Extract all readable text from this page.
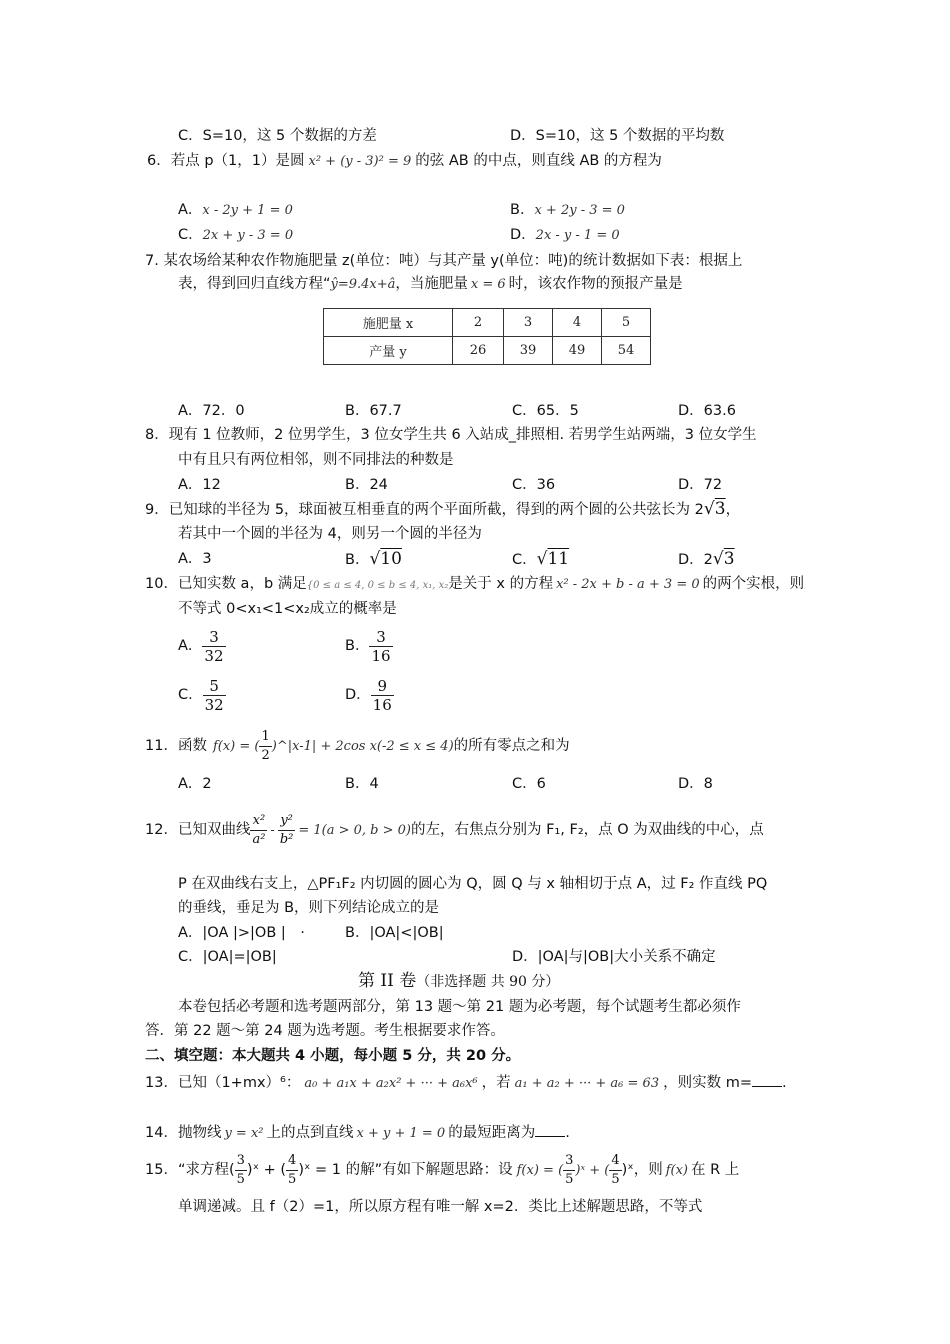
C．S=10，这 5 个数据的方差	D．S=10，这 5 个数据的平均数
6．若点 p（1，1）是圆 x² + (y - 3)² = 9 的弦 AB 的中点，则直线 AB 的方程为
A．x - 2y + 1 = 0	B．x + 2y - 3 = 0
C．2x + y - 3 = 0	D．2x - y - 1 = 0
7. 某农场给某种农作物施肥量 z(单位：吨）与其产量 y(单位：吨)的统计数据如下表：根据上
表，得到回归直线方程“ŷ=9.4x+â，当施肥量 x = 6 时，该农作物的预报产量是
施肥量 x	2	3	4	5
产量 y	26	39	49	54
A．72．0	B．67.7	C．65．5	D．63.6
8．现有 1 位教师，2 位男学生，3 位女学生共 6 入站成_排照相. 若男学生站两端，3 位女学生
中有且只有两位相邻，则不同排法的种数是
A．12	B．24	C．36	D．72
9．已知球的半径为 5，球面被互相垂直的两个平面所截，得到的两个圆的公共弦长为 2√3，
若其中一个圆的半径为 4，则另一个圆的半径为
A．3	B．√10	C．√11	D．2√3
10．已知实数 a，b 满足{0 ≤ a ≤ 4, 0 ≤ b ≤ 4, x₁, x₂是关于 x 的方程 x² - 2x + b - a + 3 = 0 的两个实根，则
不等式 0<x₁<1<x₂成立的概率是
A． $\frac{3}{32}$	B． $\frac{3}{16}$
C． $\frac{5}{32}$	D． $\frac{9}{16}$
11．函数 f(x) = ( $\frac{1}{2}$ )^|x-1| + 2cos x(-2 ≤ x ≤ 4)的所有零点之和为
A．2	B．4	C．6	D．8
12．已知双曲线 $\frac{\text{x²}}{\text{a²}} - \frac{\text{y²}}{\text{b²}} = 1(a > 0$, b > 0)的左，右焦点分别为 F₁, F₂，点 O 为双曲线的中心，点
P 在双曲线右支上，△PF₁F₂ 内切圆的圆心为 Q，圆 Q 与 x 轴相切于点 A，过 F₂ 作直线 PQ
的垂线，垂足为 B，则下列结论成立的是
A．|OA |>|OB |　·	B．|OA|<|OB|
C．|OA|=|OB|	D．|OA|与|OB|大小关系不确定
第 II 卷（非选择题 共 90 分）
本卷包括必考题和选考题两部分，第 13 题～第 21 题为必考题，每个试题考生都必须作
答．第 22 题～第 24 题为选考题。考生根据要求作答。
二、填空题：本大题共 4 小题，每小题 5 分，共 20 分。
13．已知（1+mx）⁶： a₀ + a₁x + a₂x² + ··· + a₆x⁶ ，若 a₁ + a₂ + ··· + a₆ = 63 ，则实数 m= .
14．抛物线 y = x² 上的点到直线 x + y + 1 = 0 的最短距离为 .
15．“求方程( $\frac{3}{5}$ )ˣ + ( $\frac{4}{5}$ )ˣ = 1 的解”有如下解题思路：设 f(x) = ( $\frac{3}{5}$ )ˣ + ( $\frac{4}{5}$ )ˣ，则 f(x) 在 R 上
单调递减。且 f（2）=1，所以原方程有唯一解 x=2．类比上述解题思路，不等式
